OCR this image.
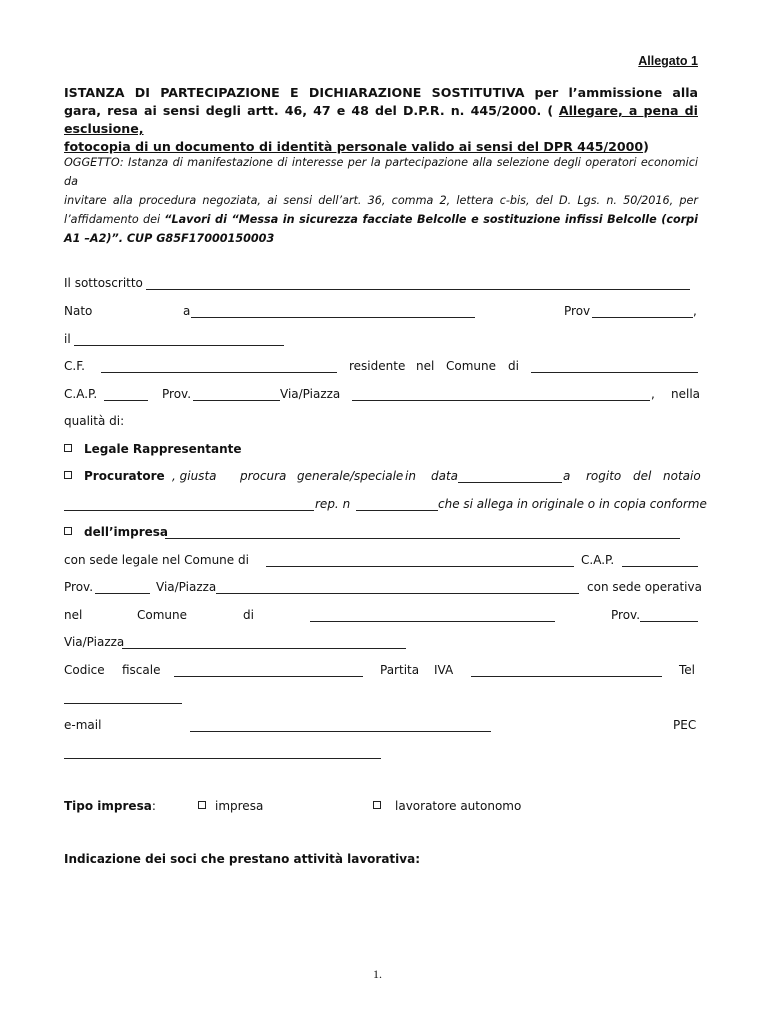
Allegato 1
ISTANZA DI PARTECIPAZIONE E DICHIARAZIONE SOSTITUTIVA per l’ammissione alla
gara, resa ai sensi degli artt. 46, 47 e 48 del D.P.R. n. 445/2000. ( Allegare, a pena di esclusione,
fotocopia di un documento di identità personale valido ai sensi del DPR 445/2000)
OGGETTO: Istanza di manifestazione di interesse per la partecipazione alla selezione degli operatori economici da
invitare alla procedura negoziata, ai sensi dell’art. 36, comma 2, lettera c-bis, del D. Lgs. n. 50/2016, per
l’affidamento dei “Lavori di “Messa in sicurezza facciate Belcolle e sostituzione infissi Belcolle (corpi
A1 –A2)”. CUP G85F17000150003
Il sottoscritto
Nato	a	Prov	,
il
C.F.	residente nel Comune di
C.A.P.	Prov.	Via/Piazza	, nella
qualità di:
Legale Rappresentante
Procuratore , giusta procura generale/speciale in data	a rogito del notaio
rep. n	che si allega in originale o in copia conforme
dell’impresa
con sede legale nel Comune di	C.A.P.
Prov.	Via/Piazza	con sede operativa
nel	Comune	di	Prov.
Via/Piazza
Codice fiscale	Partita IVA	Tel
e-mail	PEC
Tipo impresa:	impresa	lavoratore autonomo
Indicazione dei soci che prestano attività lavorativa:
1.
